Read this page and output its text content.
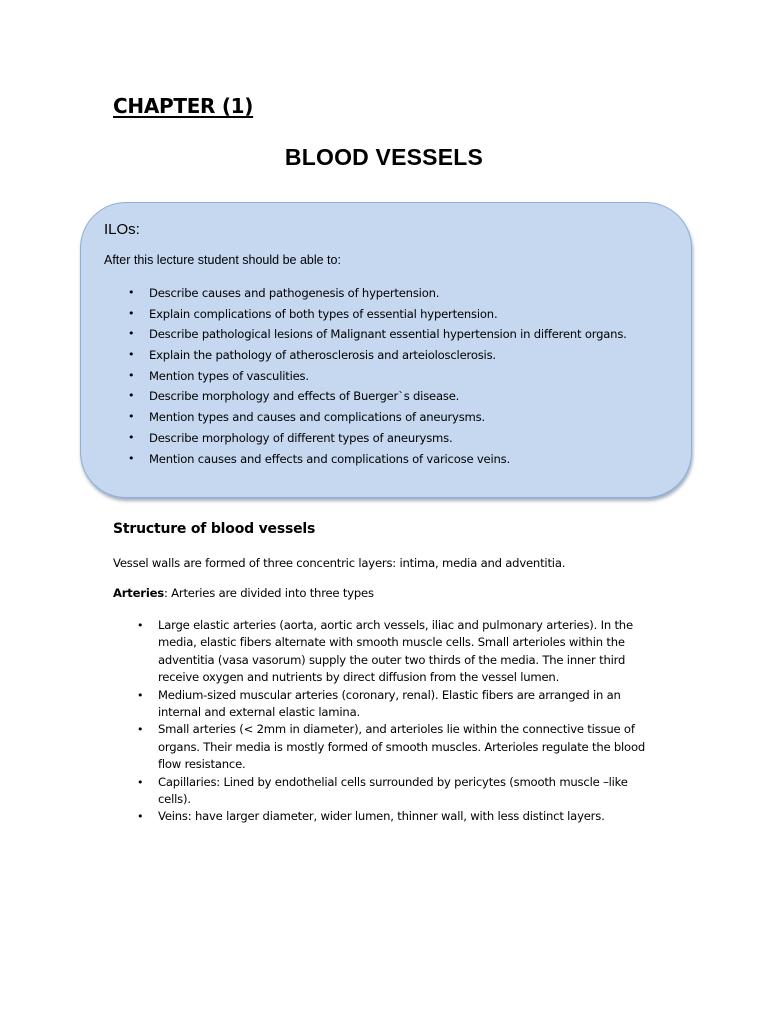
CHAPTER (1)
BLOOD VESSELS
ILOs:

After this lecture student should be able to:

• Describe causes and pathogenesis of hypertension.
• Explain complications of both types of essential hypertension.
• Describe pathological lesions of Malignant essential hypertension in different organs.
• Explain the pathology of atherosclerosis and arteiolosclerosis.
• Mention types of vasculities.
• Describe morphology and effects of Buerger`s disease.
• Mention types and causes and complications of aneurysms.
• Describe morphology of different types of aneurysms.
• Mention causes and effects and complications of varicose veins.
Structure of blood vessels

Vessel walls are formed of three concentric layers: intima, media and adventitia.

Arteries: Arteries are divided into three types

• Large elastic arteries (aorta, aortic arch vessels, iliac and pulmonary arteries). In the
media, elastic fibers alternate with smooth muscle cells. Small arterioles within the
adventitia (vasa vasorum) supply the outer two thirds of the media. The inner third
receive oxygen and nutrients by direct diffusion from the vessel lumen.
• Medium-sized muscular arteries (coronary, renal). Elastic fibers are arranged in an
internal and external elastic lamina.
• Small arteries (< 2mm in diameter), and arterioles lie within the connective tissue of
organs. Their media is mostly formed of smooth muscles. Arterioles regulate the blood
flow resistance.
• Capillaries: Lined by endothelial cells surrounded by pericytes (smooth muscle –like
cells).
• Veins: have larger diameter, wider lumen, thinner wall, with less distinct layers.
